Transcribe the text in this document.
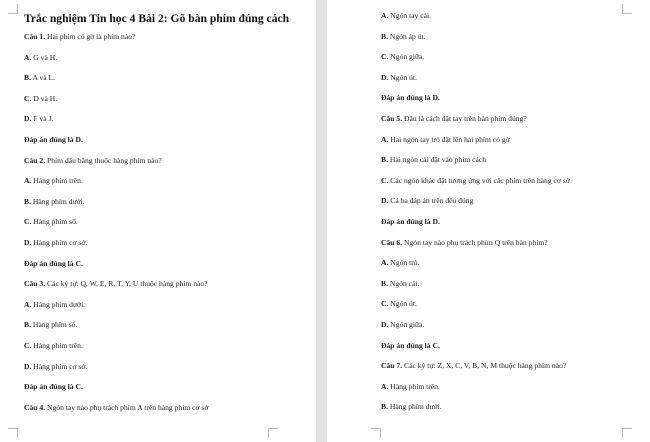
Trắc nghiệm Tin học 4 Bài 2: Gõ bàn phím đúng cách
Câu 1. Hai phím có gờ là phím nào?
A. G và H.
B. A và L.
C. D và H.
D. F và J.
Đáp án đúng là D.
Câu 2. Phím dấu bằng thuộc hàng phím nào?
A. Hàng phím trên.
B. Hàng phím dưới.
C. Hàng phím số.
D. Hàng phím cơ sở.
Đáp án đúng là C.
Câu 3. Các ký tự: Q, W, E, R, T, Y, U thuộc hàng phím nào?
A. Hàng phím dưới.
B. Hàng phím số.
C. Hàng phím trên.
D. Hàng phím cơ sở.
Đáp án đúng là C.
Câu 4. Ngón tay nào phụ trách phím A trên hàng phím cơ sở
A. Ngón tay cái.
B. Ngón áp út.
C. Ngón giữa.
D. Ngón út.
Đáp án đúng là D.
Câu 5. Đâu là cách đặt tay trên bàn phím đúng?
A. Hai ngón tay trỏ đặt lên hai phím có gờ
B. Hai ngón cái đặt vào phím cách
C. Các ngón khác đặt tương ứng với các phím trên hàng cơ sở
D. Cả ba đáp án trên đều đúng
Đáp án đúng là D.
Câu 6. Ngón tay nào phụ trách phím Q trên bàn phím?
A. Ngón trỏ.
B. Ngón cái.
C. Ngón út.
D. Ngón giữa.
Đáp án đúng là C.
Câu 7. Các ký tự: Z, X, C, V, B, N, M thuộc hàng phím nào?
A. Hàng phím trên.
B. Hàng phím dưới.
